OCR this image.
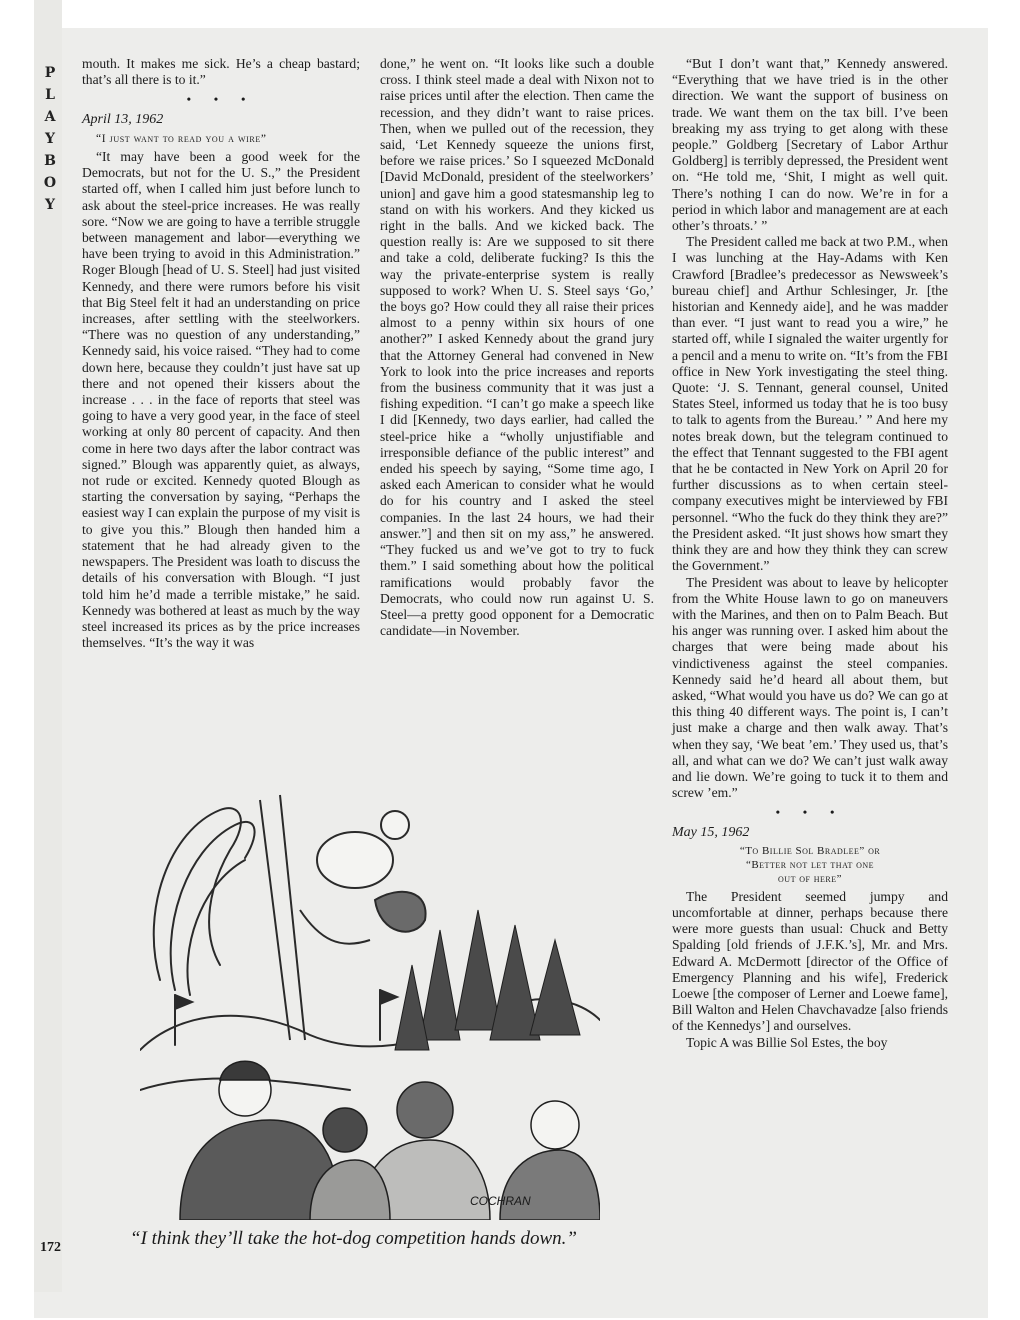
P
L
A
Y
B
O
Y

mouth. It makes me sick. He’s a cheap bastard; that’s all there is to it.”

• • •
April 13, 1962
“I just want to read you a wire”

“It may have been a good week for the Democrats, but not for the U. S.,” the President started off, when I called him just before lunch to ask about the steel-price increases. He was really sore. “Now we are going to have a terrible struggle between management and labor—everything we have been trying to avoid in this Administration.” Roger Blough [head of U. S. Steel] had just visited Kennedy, and there were rumors before his visit that Big Steel felt it had an understanding on price increases, after settling with the steelworkers. “There was no question of any understanding,” Kennedy said, his voice raised. “They had to come down here, because they couldn’t just have sat up there and not opened their kissers about the increase . . . in the face of reports that steel was going to have a very good year, in the face of steel working at only 80 percent of capacity. And then come in here two days after the labor contract was signed.” Blough was apparently quiet, as always, not rude or excited. Kennedy quoted Blough as starting the conversation by saying, “Perhaps the easiest way I can explain the purpose of my visit is to give you this.” Blough then handed him a statement that he had already given to the newspapers. The President was loath to discuss the details of his conversation with Blough. “I just told him he’d made a terrible mistake,” he said. Kennedy was bothered at least as much by the way steel increased its prices as by the price increases themselves. “It’s the way it was

done,” he went on. “It looks like such a double cross. I think steel made a deal with Nixon not to raise prices until after the election. Then came the recession, and they didn’t want to raise prices. Then, when we pulled out of the recession, they said, ‘Let Kennedy squeeze the unions first, before we raise prices.’ So I squeezed McDonald [David McDonald, president of the steelworkers’ union] and gave him a good statesmanship leg to stand on with his workers. And they kicked us right in the balls. And we kicked back. The question really is: Are we supposed to sit there and take a cold, deliberate fucking? Is this the way the private-enterprise system is really supposed to work? When U. S. Steel says ‘Go,’ the boys go? How could they all raise their prices almost to a penny within six hours of one another?” I asked Kennedy about the grand jury that the Attorney General had convened in New York to look into the price increases and reports from the business community that it was just a fishing expedition. “I can’t go make a speech like I did [Kennedy, two days earlier, had called the steel-price hike a “wholly unjustifiable and irresponsible defiance of the public interest” and ended his speech by saying, “Some time ago, I asked each American to consider what he would do for his country and I asked the steel companies. In the last 24 hours, we had their answer.”] and then sit on my ass,” he answered. “They fucked us and we’ve got to try to fuck them.” I said something about how the political ramifications would probably favor the Democrats, who could now run against U. S. Steel—a pretty good opponent for a Democratic candidate—in November.

“But I don’t want that,” Kennedy answered. “Everything that we have tried is in the other direction. We want the support of business on trade. We want them on the tax bill. I’ve been breaking my ass trying to get along with these people.” Goldberg [Secretary of Labor Arthur Goldberg] is terribly depressed, the President went on. “He told me, ‘Shit, I might as well quit. There’s nothing I can do now. We’re in for a period in which labor and management are at each other’s throats.’ ”

The President called me back at two P.M., when I was lunching at the Hay-Adams with Ken Crawford [Bradlee’s predecessor as Newsweek’s bureau chief] and Arthur Schlesinger, Jr. [the historian and Kennedy aide], and he was madder than ever. “I just want to read you a wire,” he started off, while I signaled the waiter urgently for a pencil and a menu to write on. “It’s from the FBI office in New York investigating the steel thing. Quote: ‘J. S. Tennant, general counsel, United States Steel, informed us today that he is too busy to talk to agents from the Bureau.’ ” And here my notes break down, but the telegram continued to the effect that Tennant suggested to the FBI agent that he be contacted in New York on April 20 for further discussions as to when certain steel-company executives might be interviewed by FBI personnel. “Who the fuck do they think they are?” the President asked. “It just shows how smart they think they are and how they think they can screw the Government.”

The President was about to leave by helicopter from the White House lawn to go on maneuvers with the Marines, and then on to Palm Beach. But his anger was running over. I asked him about the charges that were being made about his vindictiveness against the steel companies. Kennedy said he’d heard all about them, but asked, “What would you have us do? We can go at this thing 40 different ways. The point is, I can’t just make a charge and then walk away. That’s when they say, ‘We beat ’em.’ They used us, that’s all, and what can we do? We can’t just walk away and lie down. We’re going to tuck it to them and screw ’em.”

• • •
May 15, 1962
“To Billie Sol Bradlee” or
“Better not let that one
out of here”

The President seemed jumpy and uncomfortable at dinner, perhaps because there were more guests than usual: Chuck and Betty Spalding [old friends of J.F.K.’s], Mr. and Mrs. Edward A. McDermott [director of the Office of Emergency Planning and his wife], Frederick Loewe [the composer of Lerner and Loewe fame], Bill Walton and Helen Chavchavadze [also friends of the Kennedys’] and ourselves.

Topic A was Billie Sol Estes, the boy

COCHRAN
172	“I think they’ll take the hot-dog competition hands down.”
